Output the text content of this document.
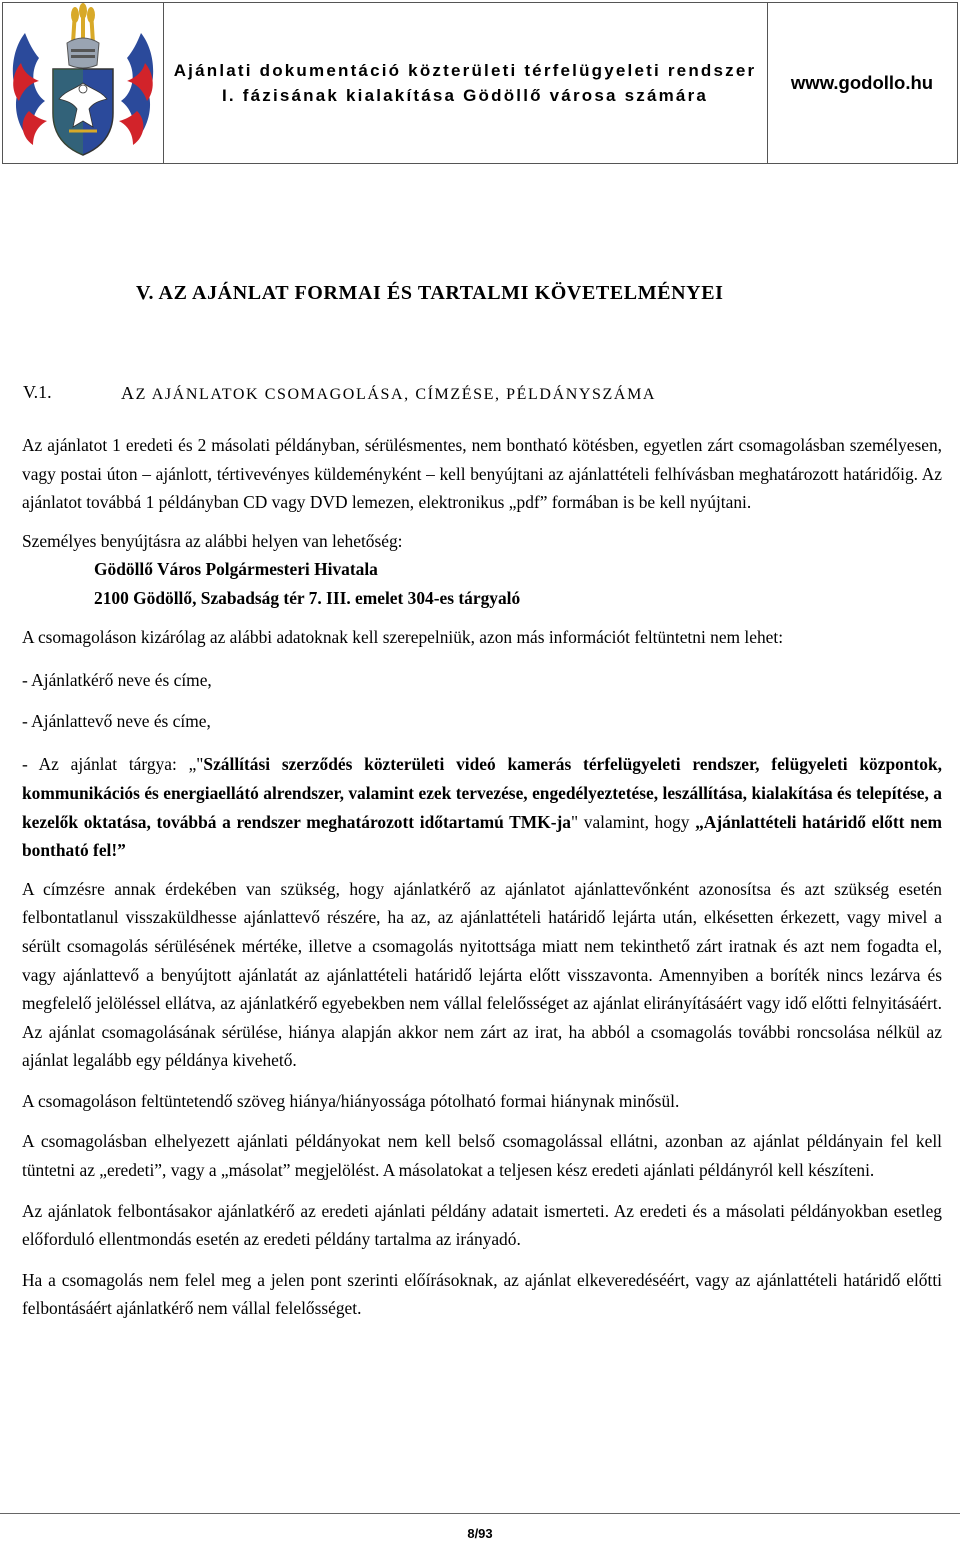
Ajánlati dokumentáció közterületi térfelügyeleti rendszer I. fázisának kialakítása Gödöllő városa számára
www.godollo.hu
V. AZ AJÁNLAT FORMAI ÉS TARTALMI KÖVETELMÉNYEI
V.1.	AZ AJÁNLATOK CSOMAGOLÁSA, CÍMZÉSE, PÉLDÁNYSZÁMA

Az ajánlatot 1 eredeti és 2 másolati példányban, sérülésmentes, nem bontható kötésben, egyetlen zárt csomagolásban személyesen, vagy postai úton – ajánlott, tértivevényes küldeményként – kell benyújtani az ajánlattételi felhívásban meghatározott határidőig. Az ajánlatot továbbá 1 példányban CD vagy DVD lemezen, elektronikus „pdf” formában is be kell nyújtani.

Személyes benyújtásra az alábbi helyen van lehetőség:

Gödöllő Város Polgármesteri Hivatala

2100 Gödöllő, Szabadság tér 7. III. emelet 304-es tárgyaló

A csomagoláson kizárólag az alábbi adatoknak kell szerepelniük, azon más információt feltüntetni nem lehet:

- Ajánlatkérő neve és címe,

- Ajánlattevő neve és címe,

- Az ajánlat tárgya: „"Szállítási szerződés közterületi videó kamerás térfelügyeleti rendszer, felügyeleti központok, kommunikációs és energiaellátó alrendszer, valamint ezek tervezése, engedélyeztetése, leszállítása, kialakítása és telepítése, a kezelők oktatása, továbbá a rendszer meghatározott időtartamú TMK-ja" valamint, hogy „Ajánlattételi határidő előtt nem bontható fel!”

A címzésre annak érdekében van szükség, hogy ajánlatkérő az ajánlatot ajánlattevőnként azonosítsa és azt szükség esetén felbontatlanul visszaküldhesse ajánlattevő részére, ha az, az ajánlattételi határidő lejárta után, elkésetten érkezett, vagy mivel a sérült csomagolás sérülésének mértéke, illetve a csomagolás nyitottsága miatt nem tekinthető zárt iratnak és azt nem fogadta el, vagy ajánlattevő a benyújtott ajánlatát az ajánlattételi határidő lejárta előtt visszavonta. Amennyiben a boríték nincs lezárva és megfelelő jelöléssel ellátva, az ajánlatkérő egyebekben nem vállal felelősséget az ajánlat elirányításáért vagy idő előtti felnyitásáért. Az ajánlat csomagolásának sérülése, hiánya alapján akkor nem zárt az irat, ha abból a csomagolás további roncsolása nélkül az ajánlat legalább egy példánya kivehető.

A csomagoláson feltüntetendő szöveg hiánya/hiányossága pótolható formai hiánynak minősül.

A csomagolásban elhelyezett ajánlati példányokat nem kell belső csomagolással ellátni, azonban az ajánlat példányain fel kell tüntetni az „eredeti”, vagy a „másolat” megjelölést. A másolatokat a teljesen kész eredeti ajánlati példányról kell készíteni.

Az ajánlatok felbontásakor ajánlatkérő az eredeti ajánlati példány adatait ismerteti. Az eredeti és a másolati példányokban esetleg előforduló ellentmondás esetén az eredeti példány tartalma az irányadó.

Ha a csomagolás nem felel meg a jelen pont szerinti előírásoknak, az ajánlat elkeveredéséért, vagy az ajánlattételi határidő előtti felbontásáért ajánlatkérő nem vállal felelősséget.

8/93
